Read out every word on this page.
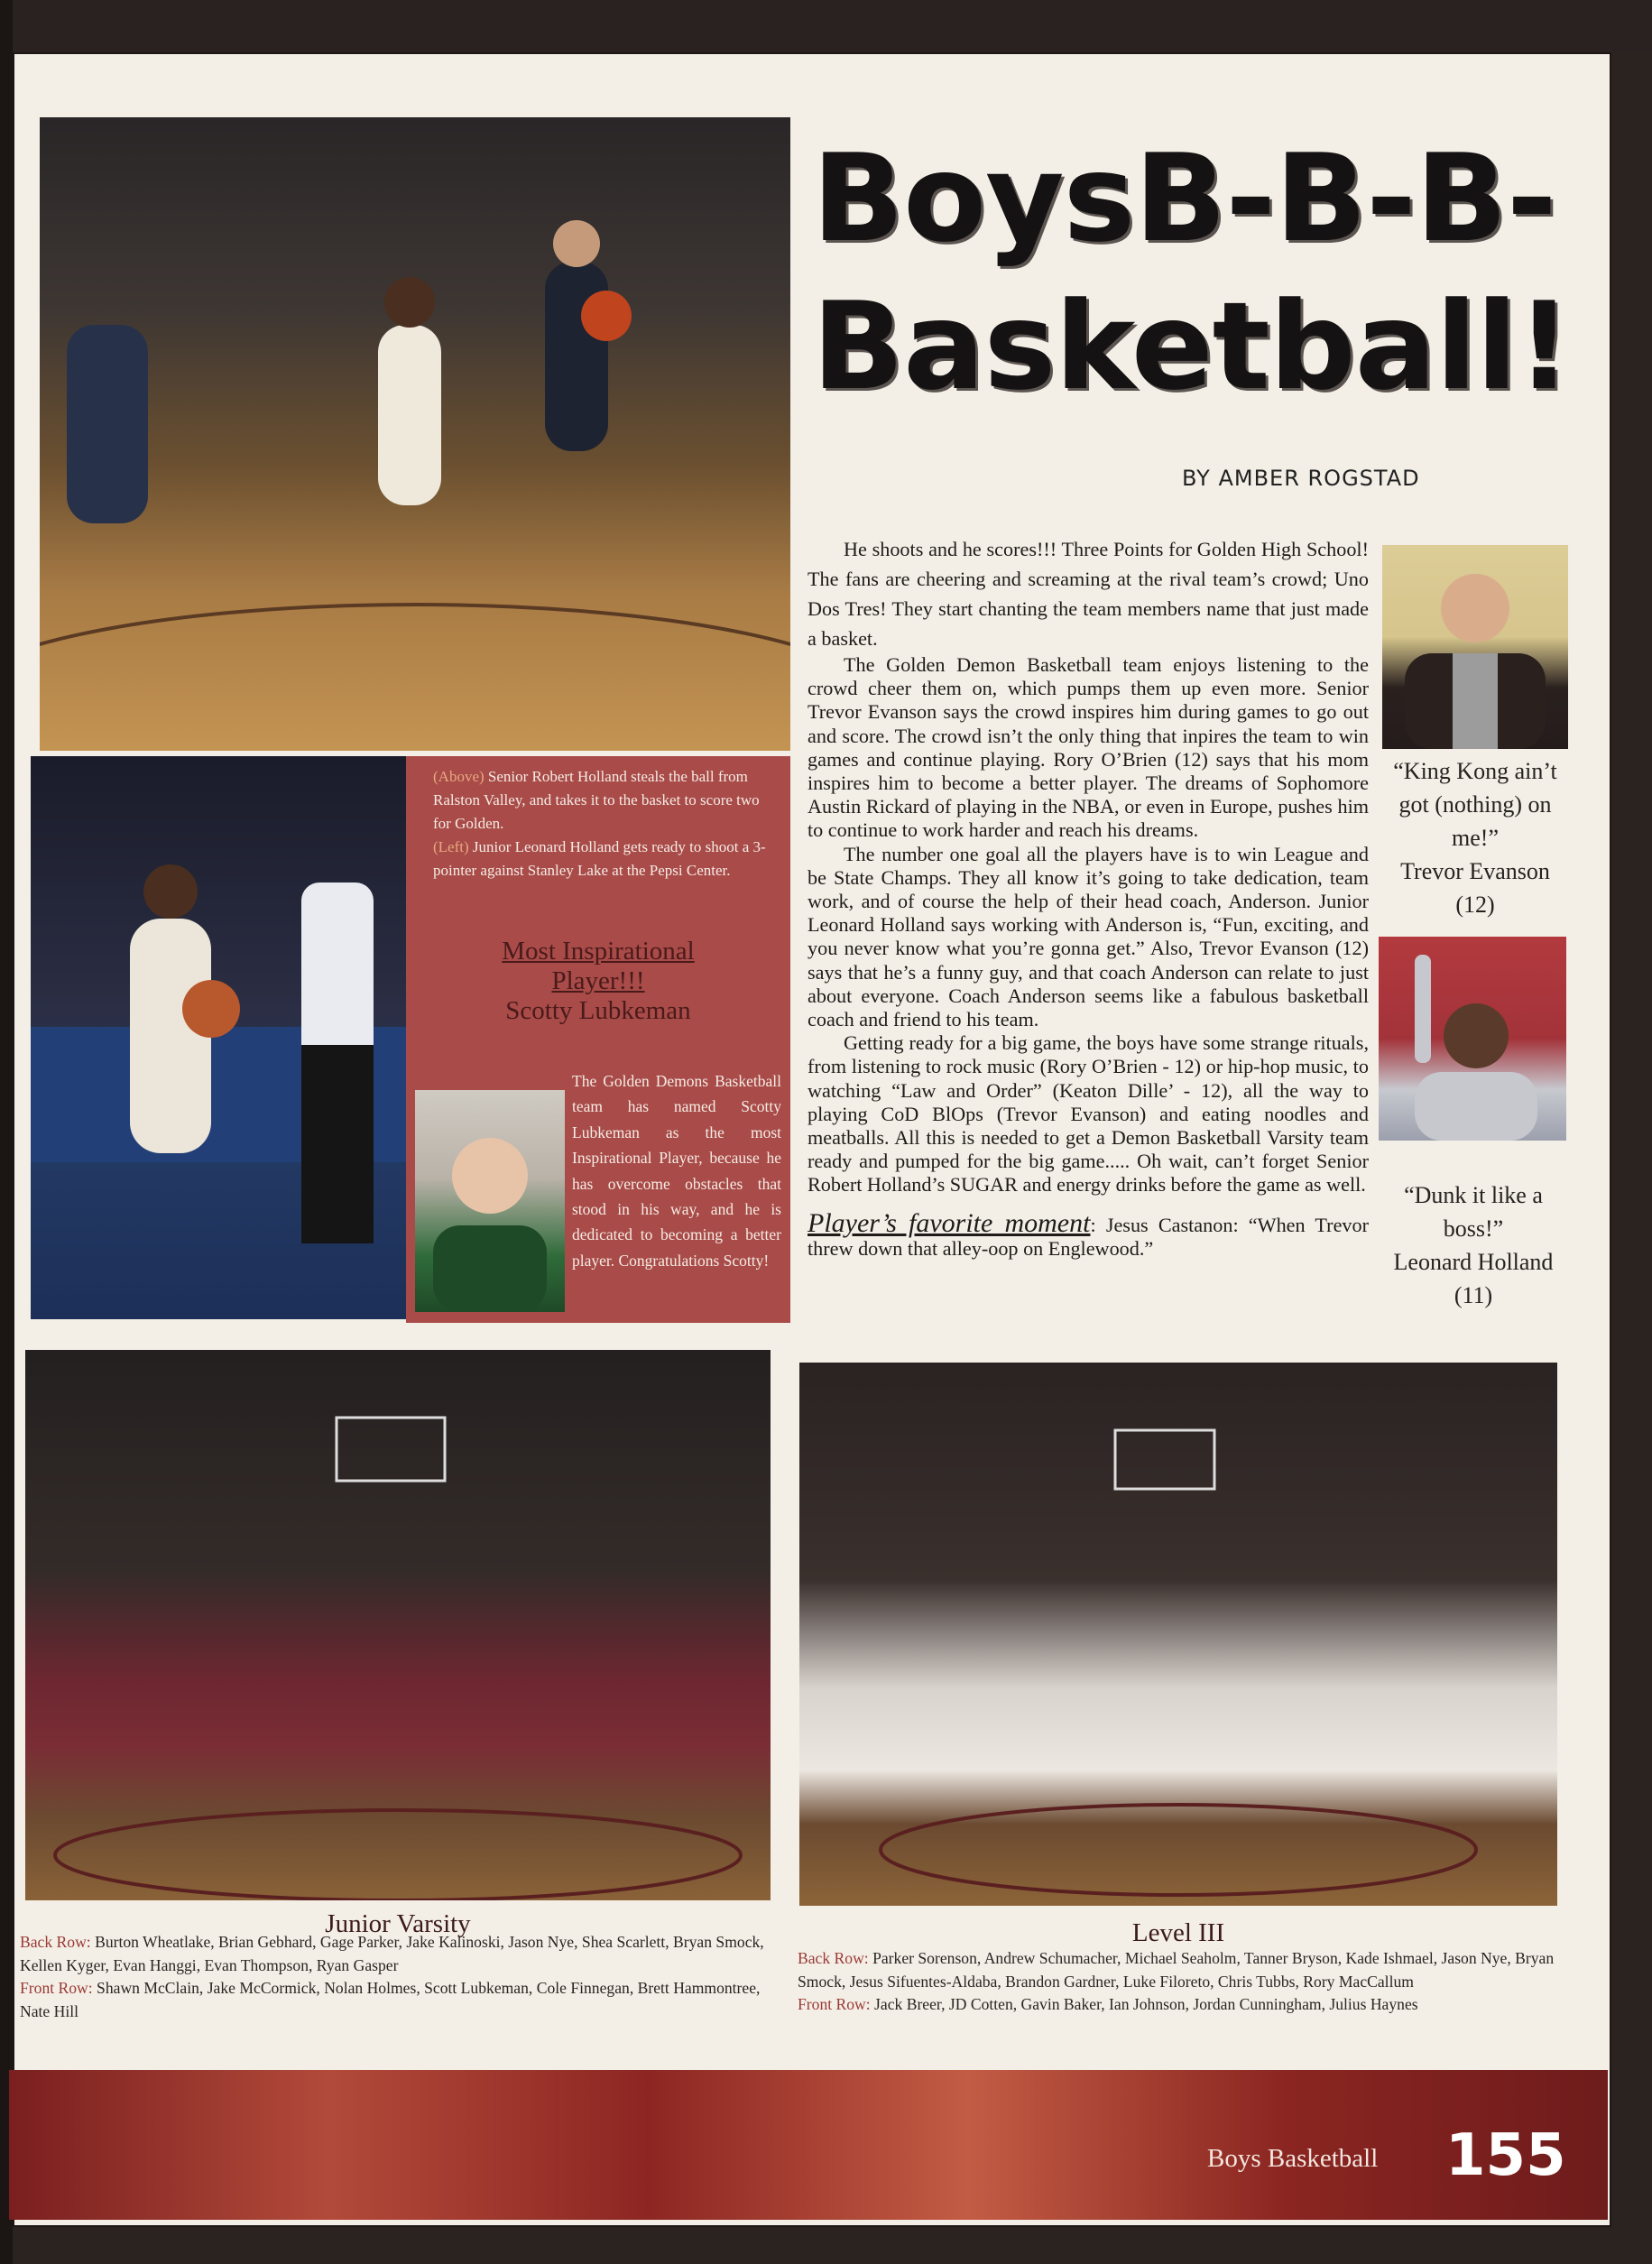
(Above) Senior Robert Holland steals the ball from Ralston Valley, and takes it to the basket to score two for Golden.
(Left) Junior Leonard Holland gets ready to shoot a 3-pointer against Stanley Lake at the Pepsi Center.
Most Inspirational
Player!!!
Scotty Lubkeman
The Golden Demons Basketball team has named Scotty Lubkeman as the most Inspirational Player, because he has overcome obstacles that stood in his way, and he is dedicated to becoming a better player. Congratulations Scotty!
BoysB-B-B-
Basketball!
BY AMBER ROGSTAD

He shoots and he scores!!! Three Points for Golden High School! The fans are cheering and screaming at the rival team’s crowd; Uno Dos Tres! They start chanting the team members name that just made a basket.

The Golden Demon Basketball team enjoys listening to the crowd cheer them on, which pumps them up even more. Senior Trevor Evanson says the crowd inspires him during games to go out and score. The crowd isn’t the only thing that inpires the team to win games and continue playing. Rory O’Brien (12) says that his mom inspires him to become a better player. The dreams of Sophomore Austin Rickard of playing in the NBA, or even in Europe, pushes him to continue to work harder and reach his dreams.

The number one goal all the players have is to win League and be State Champs. They all know it’s going to take dedication, team work, and of course the help of their head coach, Anderson. Junior Leonard Holland says working with Anderson is, “Fun, exciting, and you never know what you’re gonna get.” Also, Trevor Evanson (12) says that he’s a funny guy, and that coach Anderson can relate to just about everyone. Coach Anderson seems like a fabulous basketball coach and friend to his team.

Getting ready for a big game, the boys have some strange rituals, from listening to rock music (Rory O’Brien - 12) or hip-hop music, to watching “Law and Order” (Keaton Dille’ - 12), all the way to playing CoD BlOps (Trevor Evanson) and eating noodles and meatballs. All this is needed to get a Demon Basketball Varsity team ready and pumped for the big game..... Oh wait, can’t forget Senior Robert Holland’s SUGAR and energy drinks before the game as well.

Player’s favorite moment: Jesus Castanon: “When Trevor threw down that alley-oop on Englewood.”
“King Kong ain’t got (nothing) on me!”
Trevor Evanson
(12)
“Dunk it like a boss!”
Leonard Holland (11)
Junior Varsity
Back Row: Burton Wheatlake, Brian Gebhard, Gage Parker, Jake Kalinoski, Jason Nye, Shea Scarlett, Bryan Smock, Kellen Kyger, Evan Hanggi, Evan Thompson, Ryan Gasper
Front Row: Shawn McClain, Jake McCormick, Nolan Holmes, Scott Lubkeman, Cole Finnegan, Brett Hammontree, Nate Hill
Level III
Back Row: Parker Sorenson, Andrew Schumacher, Michael Seaholm, Tanner Bryson, Kade Ishmael, Jason Nye, Bryan Smock, Jesus Sifuentes-Aldaba, Brandon Gardner, Luke Filoreto, Chris Tubbs, Rory MacCallum
Front Row: Jack Breer, JD Cotten, Gavin Baker, Ian Johnson, Jordan Cunningham, Julius Haynes
Boys Basketball 155
